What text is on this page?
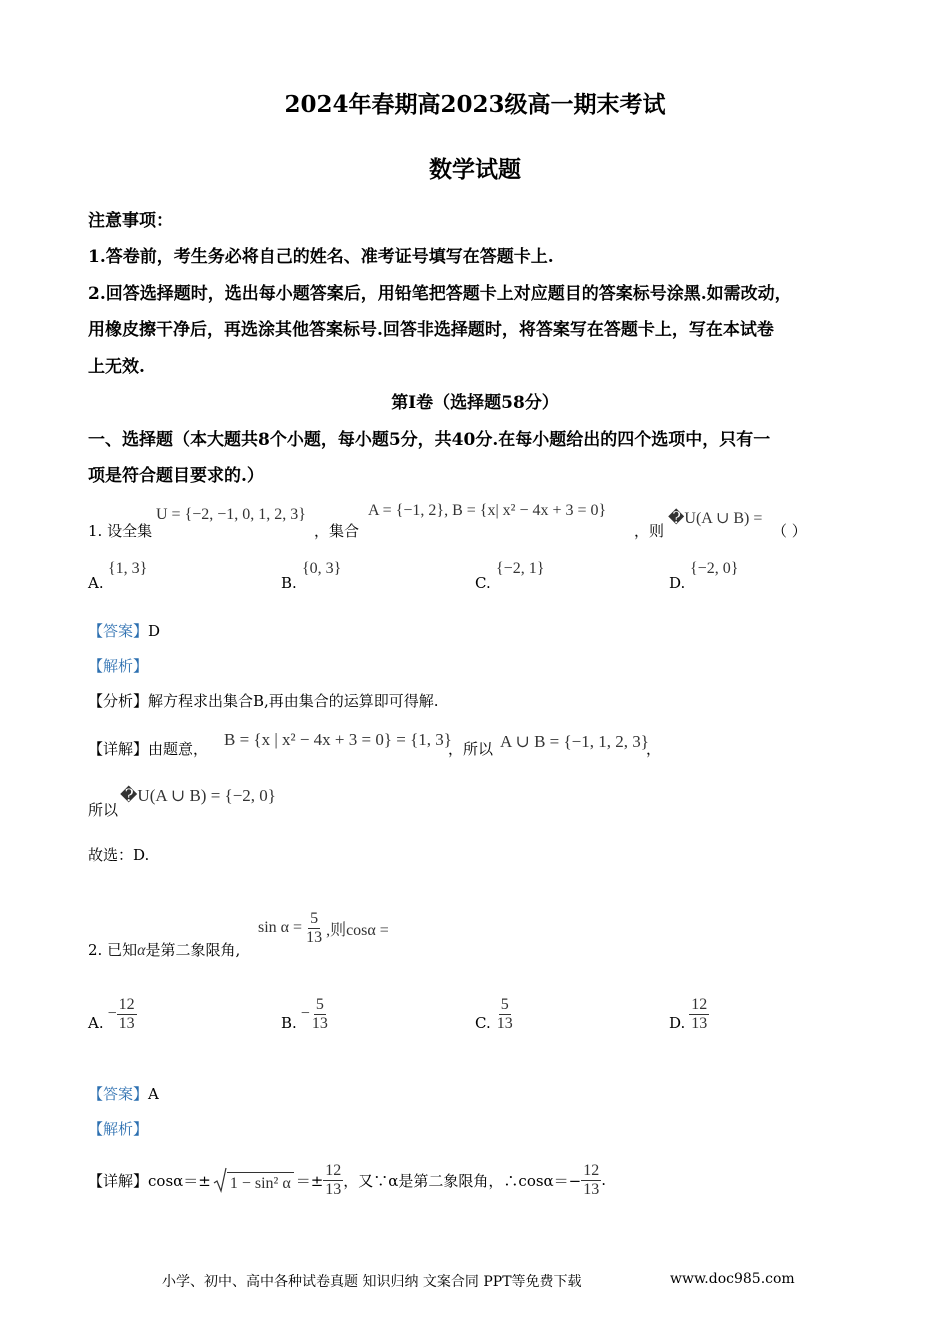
2024年春期高2023级高一期末考试
数学试题
注意事项：
1.答卷前，考生务必将自己的姓名、准考证号填写在答题卡上.
2.回答选择题时，选出每小题答案后，用铅笔把答题卡上对应题目的答案标号涂黑.如需改动，
用橡皮擦干净后，再选涂其他答案标号.回答非选择题时，将答案写在答题卡上，写在本试卷
上无效.
第I卷（选择题58分）
一、选择题（本大题共8个小题，每小题5分，共40分.在每小题给出的四个选项中，只有一
项是符合题目要求的.）
1. 设全集
U = {−2, −1, 0, 1, 2, 3}
，集合
A = {−1, 2}, B = {x| x² − 4x + 3 = 0}
，则
�U(A ∪ B) =
（ ）
A.
{1, 3}
B.
{0, 3}
C.
{−2, 1}
D.
{−2, 0}
【答案】D
【解析】
【分析】解方程求出集合B,再由集合的运算即可得解.
【详解】由题意， B = {x | x² − 4x + 3 = 0} = {1, 3}
，所以 A ∪ B = {−1, 1, 2, 3}
，
所以
�U(A ∪ B) = {−2, 0}
故选：D.
2. 已知α是第二象限角,
$\sin \alpha = \frac{5}{13}$ ,则cosα =
A.
− $\frac{12}{13}$	B.
− $\frac{5}{13}$	C. $\frac{5}{13}$	D. $\frac{12}{13}$
【答案】A
【解析】
【详解】 cosα＝± 1 − sin² $\alpha =\pm \frac{12}{13}$ ，又∵α是第二象限角，∴cosα＝− $\frac{12}{13}$ .
小学、初中、高中各种试卷真题 知识归纳 文案合同 PPT等免费下载	www.doc985.com
